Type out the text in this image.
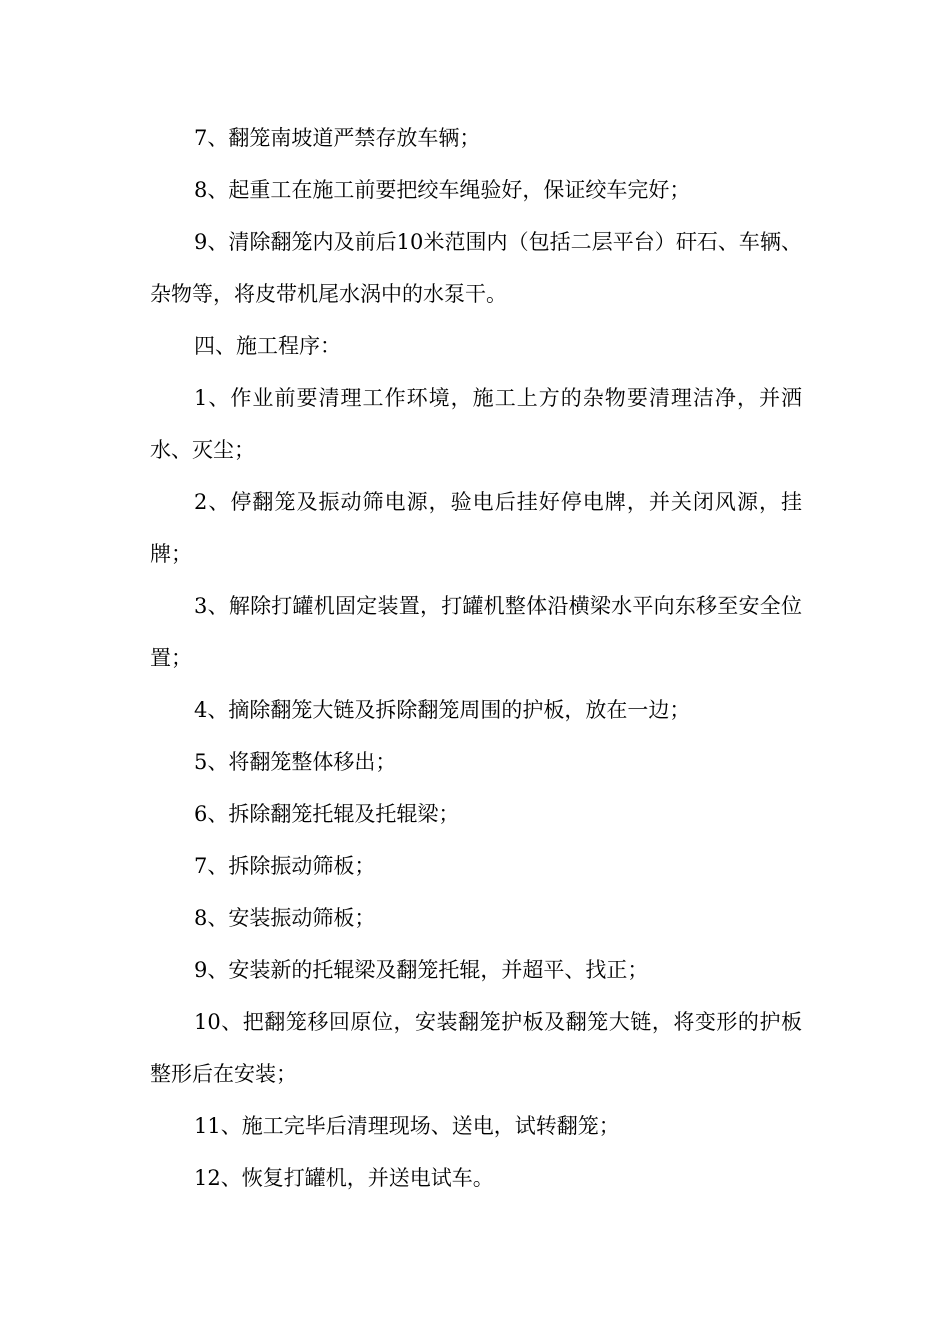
7、翻笼南坡道严禁存放车辆；

8、起重工在施工前要把绞车绳验好，保证绞车完好；

9、清除翻笼内及前后10米范围内（包括二层平台）矸石、车辆、杂物等，将皮带机尾水涡中的水泵干。

四、施工程序：

1、作业前要清理工作环境，施工上方的杂物要清理洁净，并洒水、灭尘；

2、停翻笼及振动筛电源，验电后挂好停电牌，并关闭风源，挂牌；

3、解除打罐机固定装置，打罐机整体沿横梁水平向东移至安全位置；

4、摘除翻笼大链及拆除翻笼周围的护板，放在一边；

5、将翻笼整体移出；

6、拆除翻笼托辊及托辊梁；

7、拆除振动筛板；

8、安装振动筛板；

9、安装新的托辊梁及翻笼托辊，并超平、找正；

10、把翻笼移回原位，安装翻笼护板及翻笼大链，将变形的护板整形后在安装；

11、施工完毕后清理现场、送电，试转翻笼；

12、恢复打罐机，并送电试车。
